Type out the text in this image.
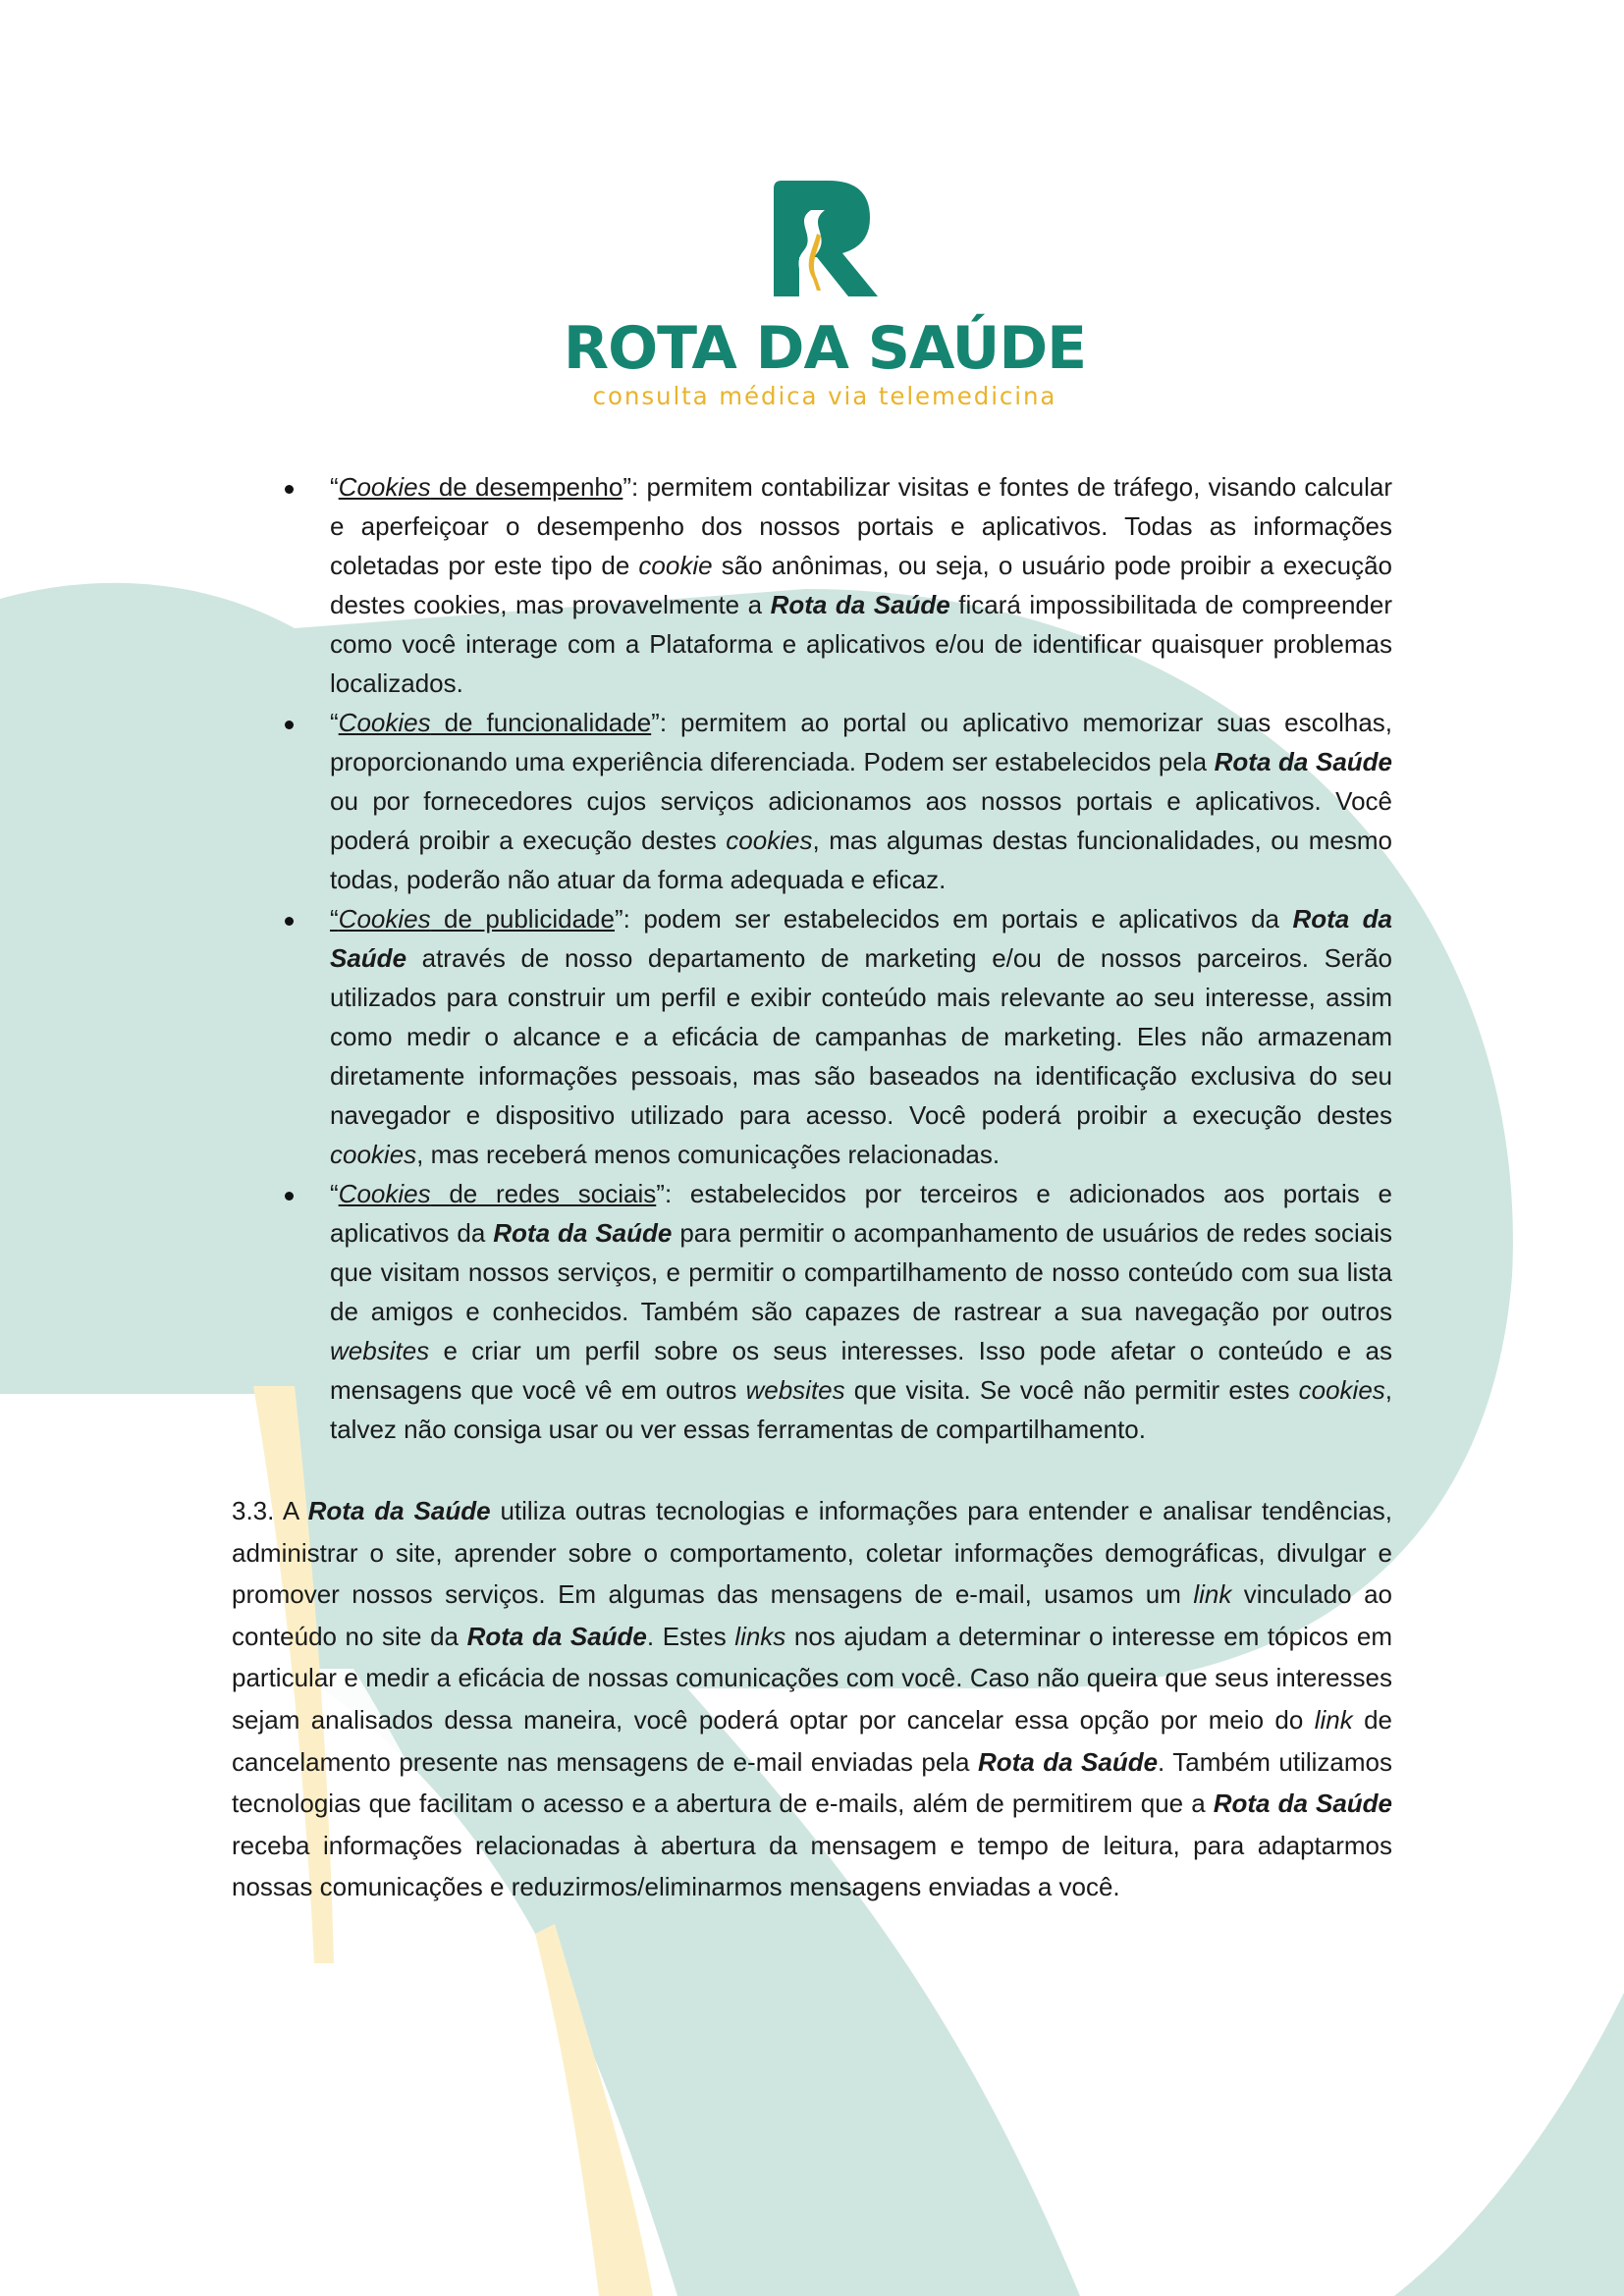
ROTA DA SAÚDE
consulta médica via telemedicina

“Cookies de desempenho”: permitem contabilizar visitas e fontes de tráfego, visando calcular e aperfeiçoar o desempenho dos nossos portais e aplicativos. Todas as informações coletadas por este tipo de cookie são anônimas, ou seja, o usuário pode proibir a execução destes cookies, mas provavelmente a Rota da Saúde ficará impossibilitada de compreender como você interage com a Plataforma e aplicativos e/ou de identificar quaisquer problemas localizados.

“Cookies de funcionalidade”: permitem ao portal ou aplicativo memorizar suas escolhas, proporcionando uma experiência diferenciada. Podem ser estabelecidos pela Rota da Saúde ou por fornecedores cujos serviços adicionamos aos nossos portais e aplicativos. Você poderá proibir a execução destes cookies, mas algumas destas funcionalidades, ou mesmo todas, poderão não atuar da forma adequada e eficaz.

“Cookies de publicidade”: podem ser estabelecidos em portais e aplicativos da Rota da Saúde através de nosso departamento de marketing e/ou de nossos parceiros. Serão utilizados para construir um perfil e exibir conteúdo mais relevante ao seu interesse, assim como medir o alcance e a eficácia de campanhas de marketing. Eles não armazenam diretamente informações pessoais, mas são baseados na identificação exclusiva do seu navegador e dispositivo utilizado para acesso. Você poderá proibir a execução destes cookies, mas receberá menos comunicações relacionadas.

“Cookies de redes sociais”: estabelecidos por terceiros e adicionados aos portais e aplicativos da Rota da Saúde para permitir o acompanhamento de usuários de redes sociais que visitam nossos serviços, e permitir o compartilhamento de nosso conteúdo com sua lista de amigos e conhecidos. Também são capazes de rastrear a sua navegação por outros websites e criar um perfil sobre os seus interesses. Isso pode afetar o conteúdo e as mensagens que você vê em outros websites que visita. Se você não permitir estes cookies, talvez não consiga usar ou ver essas ferramentas de compartilhamento.

3.3. A Rota da Saúde utiliza outras tecnologias e informações para entender e analisar tendências, administrar o site, aprender sobre o comportamento, coletar informações demográficas, divulgar e promover nossos serviços. Em algumas das mensagens de e-mail, usamos um link vinculado ao conteúdo no site da Rota da Saúde. Estes links nos ajudam a determinar o interesse em tópicos em particular e medir a eficácia de nossas comunicações com você. Caso não queira que seus interesses sejam analisados dessa maneira, você poderá optar por cancelar essa opção por meio do link de cancelamento presente nas mensagens de e-mail enviadas pela Rota da Saúde. Também utilizamos tecnologias que facilitam o acesso e a abertura de e-mails, além de permitirem que a Rota da Saúde receba informações relacionadas à abertura da mensagem e tempo de leitura, para adaptarmos nossas comunicações e reduzirmos/eliminarmos mensagens enviadas a você.
